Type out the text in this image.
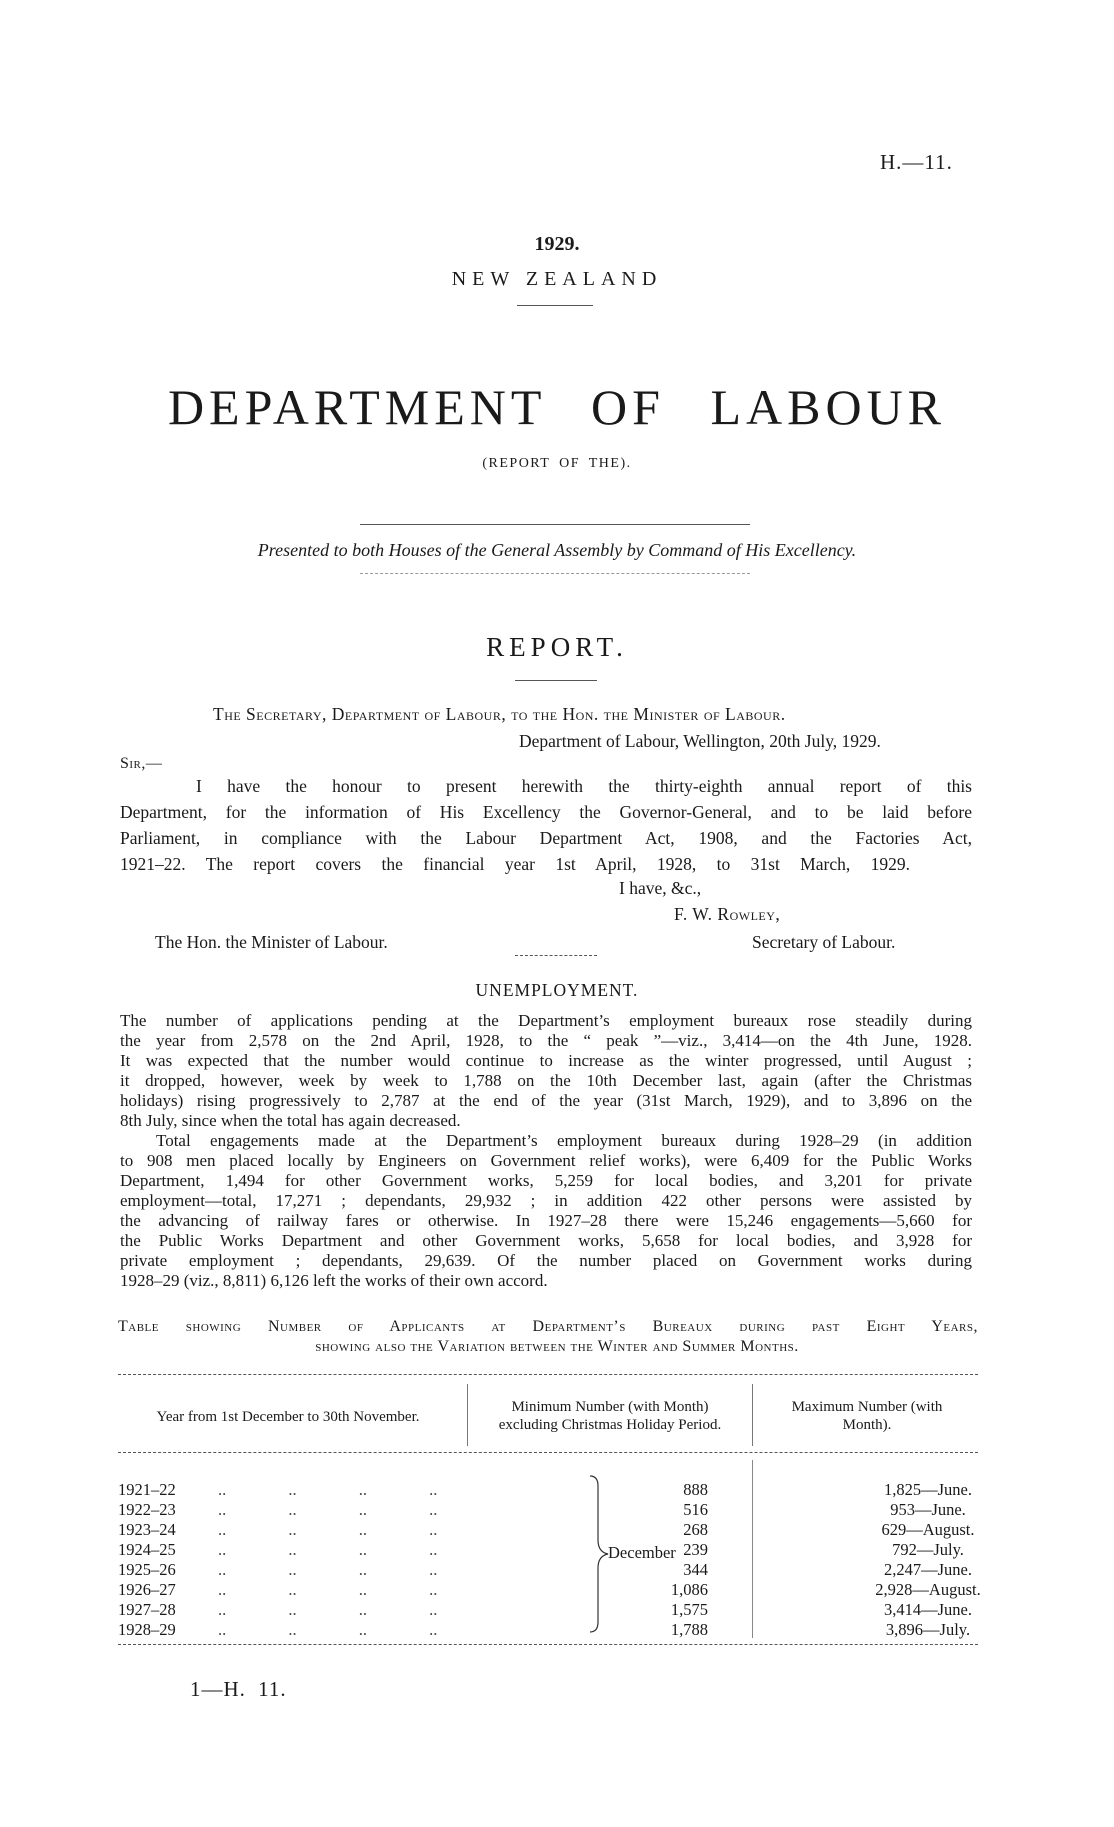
H.—11.
1929.
NEW ZEALAND
DEPARTMENT OF LABOUR
(REPORT OF THE).
Presented to both Houses of the General Assembly by Command of His Excellency.
REPORT.
The Secretary, Department of Labour, to the Hon. the Minister of Labour.
Department of Labour, Wellington, 20th July, 1929.
Sir,—
I have the honour to present herewith the thirty-eighth annual report of this
Department, for the information of His Excellency the Governor-General, and to be laid before
Parliament, in compliance with the Labour Department Act, 1908, and the Factories Act,
1921–22. The report covers the financial year 1st April, 1928, to 31st March, 1929.
I have, &c.,
F. W. Rowley,
The Hon. the Minister of Labour.	Secretary of Labour.
UNEMPLOYMENT.
The number of applications pending at the Department’s employment bureaux rose steadily during
the year from 2,578 on the 2nd April, 1928, to the “ peak ”—viz., 3,414—on the 4th June, 1928.
It was expected that the number would continue to increase as the winter progressed, until August ;
it dropped, however, week by week to 1,788 on the 10th December last, again (after the Christmas
holidays) rising progressively to 2,787 at the end of the year (31st March, 1929), and to 3,896 on the
8th July, since when the total has again decreased.
Total engagements made at the Department’s employment bureaux during 1928–29 (in addition
to 908 men placed locally by Engineers on Government relief works), were 6,409 for the Public Works
Department, 1,494 for other Government works, 5,259 for local bodies, and 3,201 for private
employment—total, 17,271 ; dependants, 29,932 ; in addition 422 other persons were assisted by
the advancing of railway fares or otherwise. In 1927–28 there were 15,246 engagements—5,660 for
the Public Works Department and other Government works, 5,658 for local bodies, and 3,928 for
private employment ; dependants, 29,639. Of the number placed on Government works during
1928–29 (viz., 8,811) 6,126 left the works of their own accord.
Table showing Number of Applicants at Department’s Bureaux during past Eight Years,
showing also the Variation between the Winter and Summer Months.
Year from 1st December to 30th November.
Minimum Number (with Month)
excluding Christmas Holiday Period.
Maximum Number (with
Month).
1921–22	.. .. .. ..	888	1,825—June.
1922–23	.. .. .. ..	516	953—June.
1923–24	.. .. .. ..	268	629—August.
1924–25	.. .. .. ..	239	792—July.
1925–26	.. .. .. ..	344	2,247—June.
1926–27	.. .. .. ..	1,086	2,928—August.
1927–28	.. .. .. ..	1,575	3,414—June.
1928–29	.. .. .. ..	1,788	3,896—July.
December
1—H. 11.
